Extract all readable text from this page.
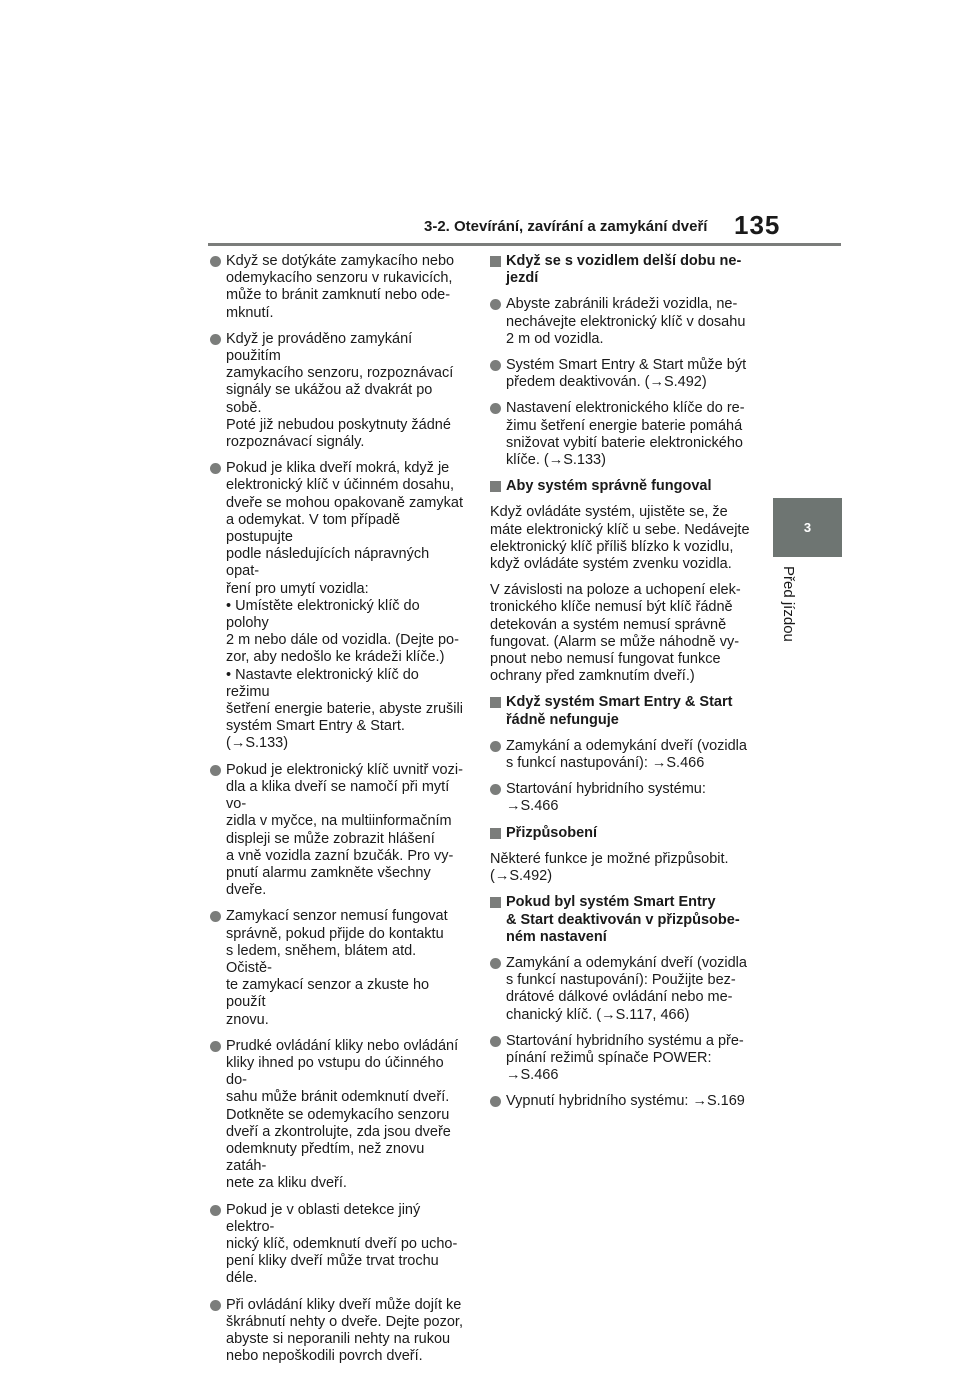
3-2. Otevírání, zavírání a zamykání dveří 135
3
Před jízdou
Když se dotýkáte zamykacího nebo
odemykacího senzoru v rukavicích,
může to bránit zamknutí nebo ode-
mknutí.
Když je prováděno zamykání použitím
zamykacího senzoru, rozpoznávací
signály se ukážou až dvakrát po sobě.
Poté již nebudou poskytnuty žádné
rozpoznávací signály.
Pokud je klika dveří mokrá, když je
elektronický klíč v účinném dosahu,
dveře se mohou opakovaně zamykat
a odemykat. V tom případě postupujte
podle následujících nápravných opat-
ření pro umytí vozidla:
• Umístěte elektronický klíč do polohy
2 m nebo dále od vozidla. (Dejte po-
zor, aby nedošlo ke krádeži klíče.)
• Nastavte elektronický klíč do režimu
šetření energie baterie, abyste zrušili
systém Smart Entry & Start. (→S.133)
Pokud je elektronický klíč uvnitř vozi-
dla a klika dveří se namočí při mytí vo-
zidla v myčce, na multiinformačním
displeji se může zobrazit hlášení
a vně vozidla zazní bzučák. Pro vy-
pnutí alarmu zamkněte všechny dveře.
Zamykací senzor nemusí fungovat
správně, pokud přijde do kontaktu
s ledem, sněhem, blátem atd. Očistě-
te zamykací senzor a zkuste ho použít
znovu.
Prudké ovládání kliky nebo ovládání
kliky ihned po vstupu do účinného do-
sahu může bránit odemknutí dveří.
Dotkněte se odemykacího senzoru
dveří a zkontrolujte, zda jsou dveře
odemknuty předtím, než znovu zatáh-
nete za kliku dveří.
Pokud je v oblasti detekce jiný elektro-
nický klíč, odemknutí dveří po ucho-
pení kliky dveří může trvat trochu
déle.
Při ovládání kliky dveří může dojít ke
škrábnutí nehty o dveře. Dejte pozor,
abyste si neporanili nehty na rukou
nebo nepoškodili povrch dveří.
Když se s vozidlem delší dobu ne-
jezdí
Abyste zabránili krádeži vozidla, ne-
nechávejte elektronický klíč v dosahu
2 m od vozidla.
Systém Smart Entry & Start může být
předem deaktivován. (→S.492)
Nastavení elektronického klíče do re-
žimu šetření energie baterie pomáhá
snižovat vybití baterie elektronického
klíče. (→S.133)
Aby systém správně fungoval
Když ovládáte systém, ujistěte se, že
máte elektronický klíč u sebe. Nedávejte
elektronický klíč příliš blízko k vozidlu,
když ovládáte systém zvenku vozidla.
V závislosti na poloze a uchopení elek-
tronického klíče nemusí být klíč řádně
detekován a systém nemusí správně
fungovat. (Alarm se může náhodně vy-
pnout nebo nemusí fungovat funkce
ochrany před zamknutím dveří.)
Když systém Smart Entry & Start
řádně nefunguje
Zamykání a odemykání dveří (vozidla
s funkcí nastupování): →S.466
Startování hybridního systému:
→S.466
Přizpůsobení
Některé funkce je možné přizpůsobit.
(→S.492)
Pokud byl systém Smart Entry
& Start deaktivován v přizpůsobe-
ném nastavení
Zamykání a odemykání dveří (vozidla
s funkcí nastupování): Použijte bez-
drátové dálkové ovládání nebo me-
chanický klíč. (→S.117, 466)
Startování hybridního systému a pře-
pínání režimů spínače POWER:
→S.466
Vypnutí hybridního systému: →S.169
